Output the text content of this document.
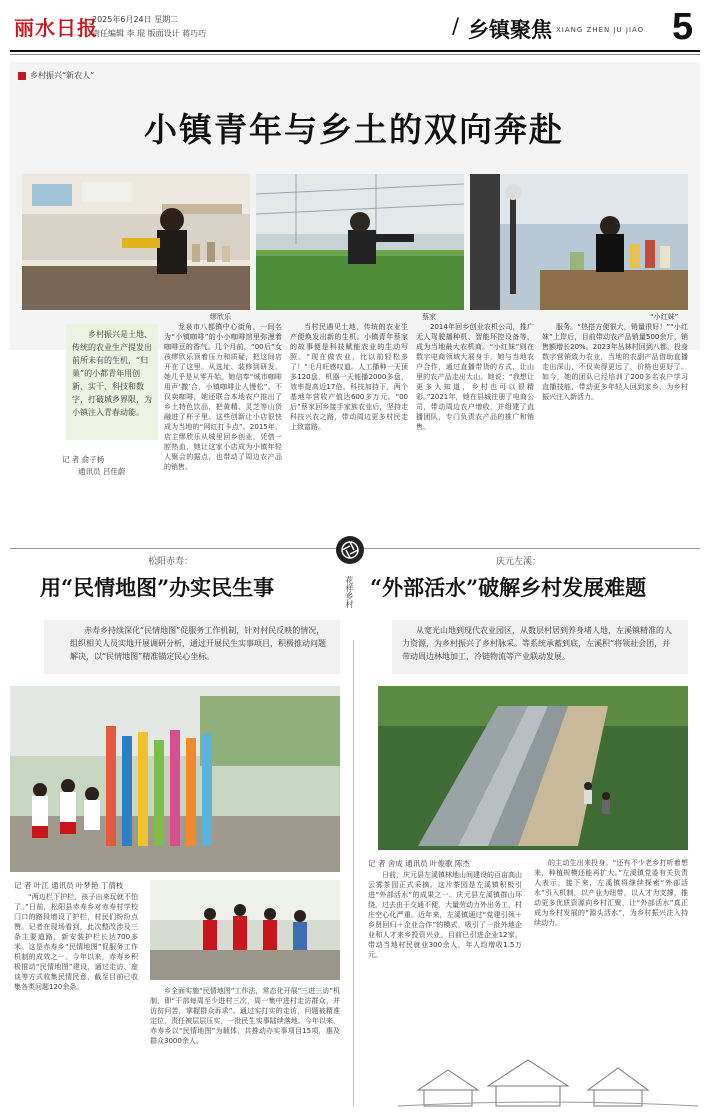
丽水日报
2025年6月24日 星期二
责任编辑 李 琨 版面设计 蒋巧巧	/ 乡镇聚焦 XIANG ZHEN JU JIAO 5
乡村振兴“新农人”
小镇青年与乡土的双向奔赴
缪欣乐	蔡家	“小红妹”
乡村振兴是土地、传统的农业生产提发出前所未有的生机，“归巢”的小都青年用创新、实干、科技和数字，打破城乡界限，为小镇注入青春动能。
记 者 俞子杨
通讯员 吕佳蔚
龙泉市八都镇中心街角，一间名为“小镇咖啡”的小小咖啡馆里弥漫着咖啡豆的香气。几个月前，“00后”女孩缪欣乐顶着压力和质疑，把这间店开在了这里。从选址、装修到研发，她几乎是从零开始。她信奉“城市咖啡用声‘撒’合，小镇咖啡让人慢松”。不仅卖咖啡，她还联合本地农户推出了乡土特色饮品，把黄精、灵芝等山货融进了杯子里。这些创新让小店很快成为当地的“网红打卡点”。2015年，店主缪欣乐从城里回乡创业，凭借一腔热血，她让这家小店成为小镇年轻人聚会的据点，也带动了周边农产品的销售。
当村民遇见土地，传统的农业生产便焕发出新的生机。小镇青年蔡家的故事便是科技赋能农业的生动写照。“现在做农业，比以前轻松多了！”毛月旺感叹道。人工播种一天顶多120盘，机器一天能播2000多盘，效率提高近17倍。科技加持下，两个基地年营收产值达600多万元。“00后”蔡家回乡接手家族农业后，坚持走科技兴农之路，带动周边更多村民走上致富路。
2014年回乡创业农机公司，推广无人驾驶播种机、智能环控设备等，成为当地最大农机商。“小红妹”则在数字电商领域大展身手，她与当地农户合作，通过直播带货的方式，让山里的农产品走出大山。她说：“我想让更多人知道，乡村也可以很精彩。”2021年，她在县城注册了电商公司，带动周边农户增收，并组建了直播团队，专门负责农产品的推广和销售。
服务。“热搭方便很大，销量很好！”“小红妹”上岸后，目前带动农产品销量500余斤，销售额增长20%。2023年丛林村回到八都，投身数字营销致力农业，当地的农副产品借助直播走出深山，不仅卖得更远了，价格也更好了。如今，她的团队已经培训了200多名农户学习直播技能，带动更多年轻人回到家乡，为乡村振兴注入新活力。
花样乡村
松阳赤寿：
用“民情地图”办实民生事
赤寿乡持续深化“民情地图”促服务工作机制，针对村民反映的情况，组织相关人员实地开展调研分析，通过开展民生实事项目，积极推动问题解决，以“民情地图”精准锚定民心坐标。
记 者 叶江 通讯员 叶梦艳 丁倩枝
“两边栏下护栏，孩子出来玩就不怕了。”日前，松阳县赤寿乡对赤寿村学校门口的路段增设了护栏，村民们纷纷点赞。记者在现场看到，此次整改涉及三条主要道路，新安装护栏长达700多米。这是赤寿乡“民情地图”促服务工作机制的成效之一。今年以来，赤寿乡积极推动“民情地图”建设，通过走访、座谈等方式收集民情民意，截至目前已收集各类问题120余条。	乡全面实施“民情地图”工作法，常态化开展“三进三访”机制，即“干部每周至少进村三次，周一集中进村走访群众，并访贫问苦，掌握群众诉求”。通过实打实的走访，问题被精准定位，责任被层层压实，一批民生实事陆续落地。今年以来，赤寿乡以“民情地图”为载体，共推动办实事项目15项，惠及群众3000余人。
庆元左溪：
“外部活水”破解乡村发展难题
从宽光山地到现代农业园区，从数层村居到养身堵人地，左溪镇精准的人力资源，为乡村振兴了乡村脉采。等系统承蓄到底，左溪积“将领社会团，并带动周边林地加工，冷链物流等产业联动发展。
记 者 舍成 通讯员 叶俊歌 陈杰
日前，庆元县左溪镇林地山间建设的百亩高山云雾茶园正式采摘。这片茶园是左溪镇积极引进“外部活水”的成果之一。庆元县左溪镇群山环绕，过去由于交通不便，大量劳动力外出务工，村庄空心化严重。近年来，左溪镇通过“党建引领＋乡贤回归＋企业合作”的模式，吸引了一批外地企业和人才来乡投资兴业。目前已引进企业12家，带动当地村民就业300余人，年人均增收1.5万元。
的主动生出来投身。“还有不少老乡打听着想来，种植规模还能再扩大。”左溪镇党委有关负责人表示，接下来，左溪镇将继续探索“外部活水”引入机制，以产业为纽带，以人才为支撑，推动更多优质资源向乡村汇聚，让“外部活水”真正成为乡村发展的“源头活水”，为乡村振兴注入持续动力。
